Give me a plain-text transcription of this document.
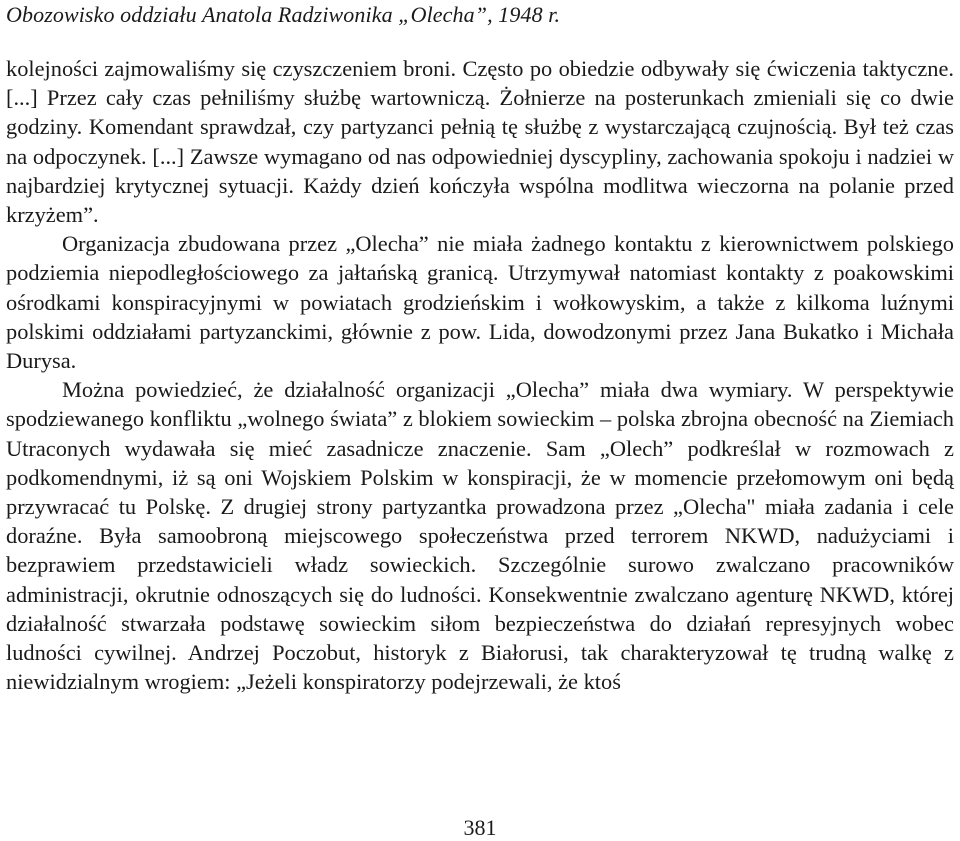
Obozowisko oddziału Anatola Radziwonika „Olecha”, 1948 r.

kolejności zajmowaliśmy się czyszczeniem broni. Często po obiedzie odbywały się ćwiczenia taktyczne. [...] Przez cały czas pełniliśmy służbę wartowniczą. Żołnierze na posterunkach zmieniali się co dwie godziny. Komendant sprawdzał, czy partyzanci pełnią tę służbę z wystarczającą czujnością. Był też czas na odpoczynek. [...] Zawsze wymagano od nas odpowiedniej dyscypliny, zachowania spokoju i nadziei w najbardziej krytycznej sytuacji. Każdy dzień kończyła wspólna modlitwa wieczorna na polanie przed krzyżem”.

Organizacja zbudowana przez „Olecha” nie miała żadnego kontaktu z kierownictwem polskiego podziemia niepodległościowego za jałtańską granicą. Utrzymywał natomiast kontakty z poakowskimi ośrodkami konspiracyjnymi w powiatach grodzieńskim i wołkowyskim, a także z kilkoma luźnymi polskimi oddziałami partyzanckimi, głównie z pow. Lida, dowodzonymi przez Jana Bukatko i Michała Durysa.

Można powiedzieć, że działalność organizacji „Olecha” miała dwa wymiary. W perspektywie spodziewanego konfliktu „wolnego świata” z blokiem sowieckim – polska zbrojna obecność na Ziemiach Utraconych wydawała się mieć zasadnicze znaczenie. Sam „Olech” podkreślał w rozmowach z podkomendnymi, iż są oni Wojskiem Polskim w konspiracji, że w momencie przełomowym oni będą przywracać tu Polskę. Z drugiej strony partyzantka prowadzona przez „Olecha" miała zadania i cele doraźne. Była samoobroną miejscowego społeczeństwa przed terrorem NKWD, nadużyciami i bezprawiem przedstawicieli władz sowieckich. Szczególnie surowo zwalczano pracowników administracji, okrutnie odnoszących się do ludności. Konsekwentnie zwalczano agenturę NKWD, której działalność stwarzała podstawę sowieckim siłom bezpieczeństwa do działań represyjnych wobec ludności cywilnej. Andrzej Poczobut, historyk z Białorusi, tak charakteryzował tę trudną walkę z niewidzialnym wrogiem: „Jeżeli konspiratorzy podejrzewali, że ktoś

381
